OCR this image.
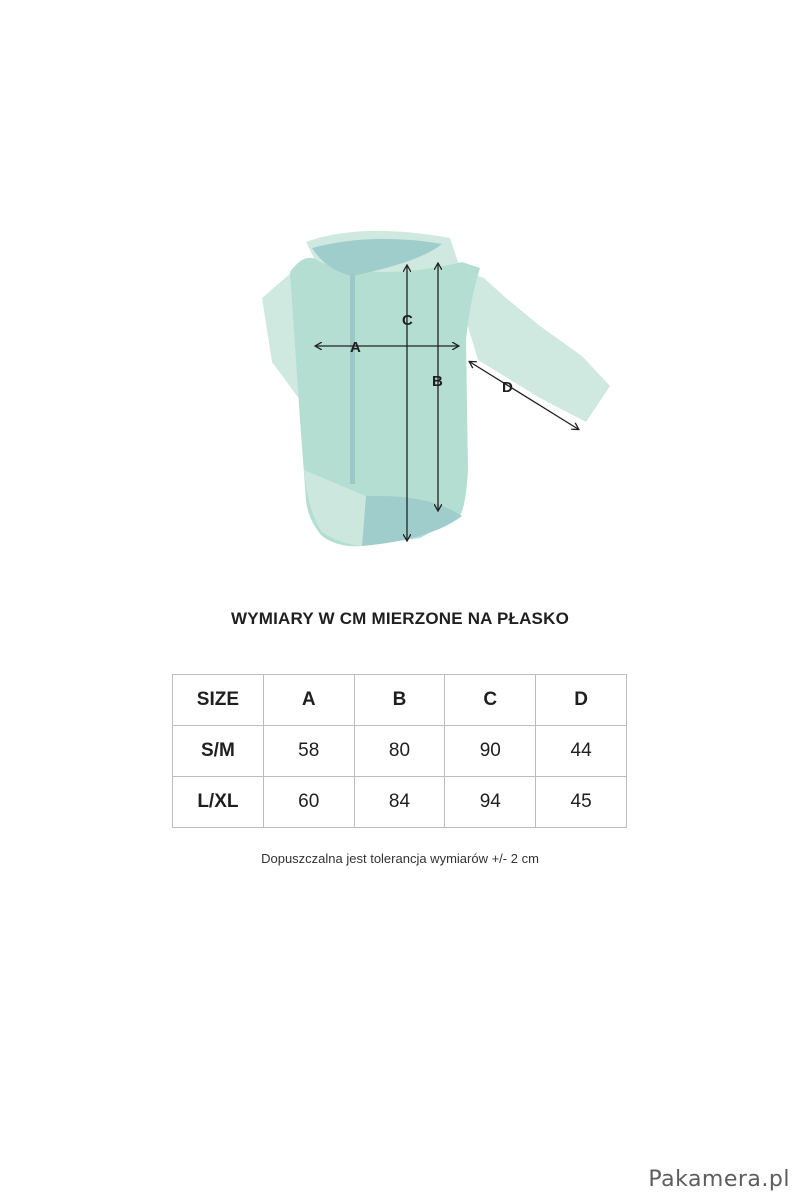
A
C
B	D
WYMIARY W CM MIERZONE NA PŁASKO
SIZE	A	B	C	D
S/M	58	80	90	44
L/XL	60	84	94	45
Dopuszczalna jest tolerancja wymiarów +/- 2 cm
Pakamera.pl
